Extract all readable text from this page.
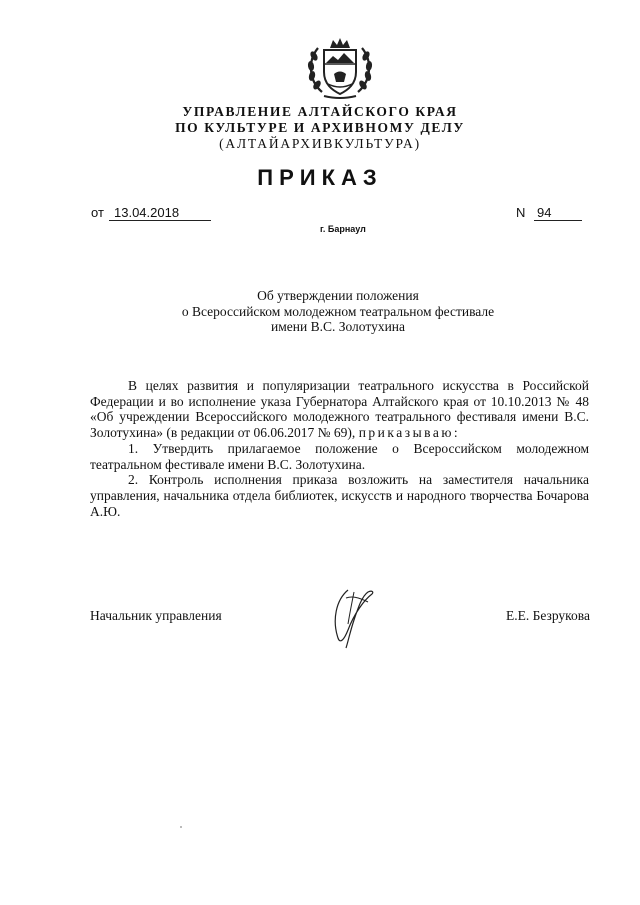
УПРАВЛЕНИЕ АЛТАЙСКОГО КРАЯ
ПО КУЛЬТУРЕ И АРХИВНОМУ ДЕЛУ
(АЛТАЙАРХИВКУЛЬТУРА)
ПРИКАЗ
от 13.04.2018	N 94
г. Барнаул
Об утверждении положения
о Всероссийском молодежном театральном фестивале
имени В.С. Золотухина

В целях развития и популяризации театрального искусства в Российской Федерации и во исполнение указа Губернатора Алтайского края от 10.10.2013 № 48 «Об учреждении Всероссийского молодежного театрального фестиваля имени В.С. Золотухина» (в редакции от 06.06.2017 № 69), приказываю:

1. Утвердить прилагаемое положение о Всероссийском молодежном театральном фестивале имени В.С. Золотухина.

2. Контроль исполнения приказа возложить на заместителя начальника управления, начальника отдела библиотек, искусств и народного творчества Бочарова А.Ю.

Начальник управления	Е.Е. Безрукова
